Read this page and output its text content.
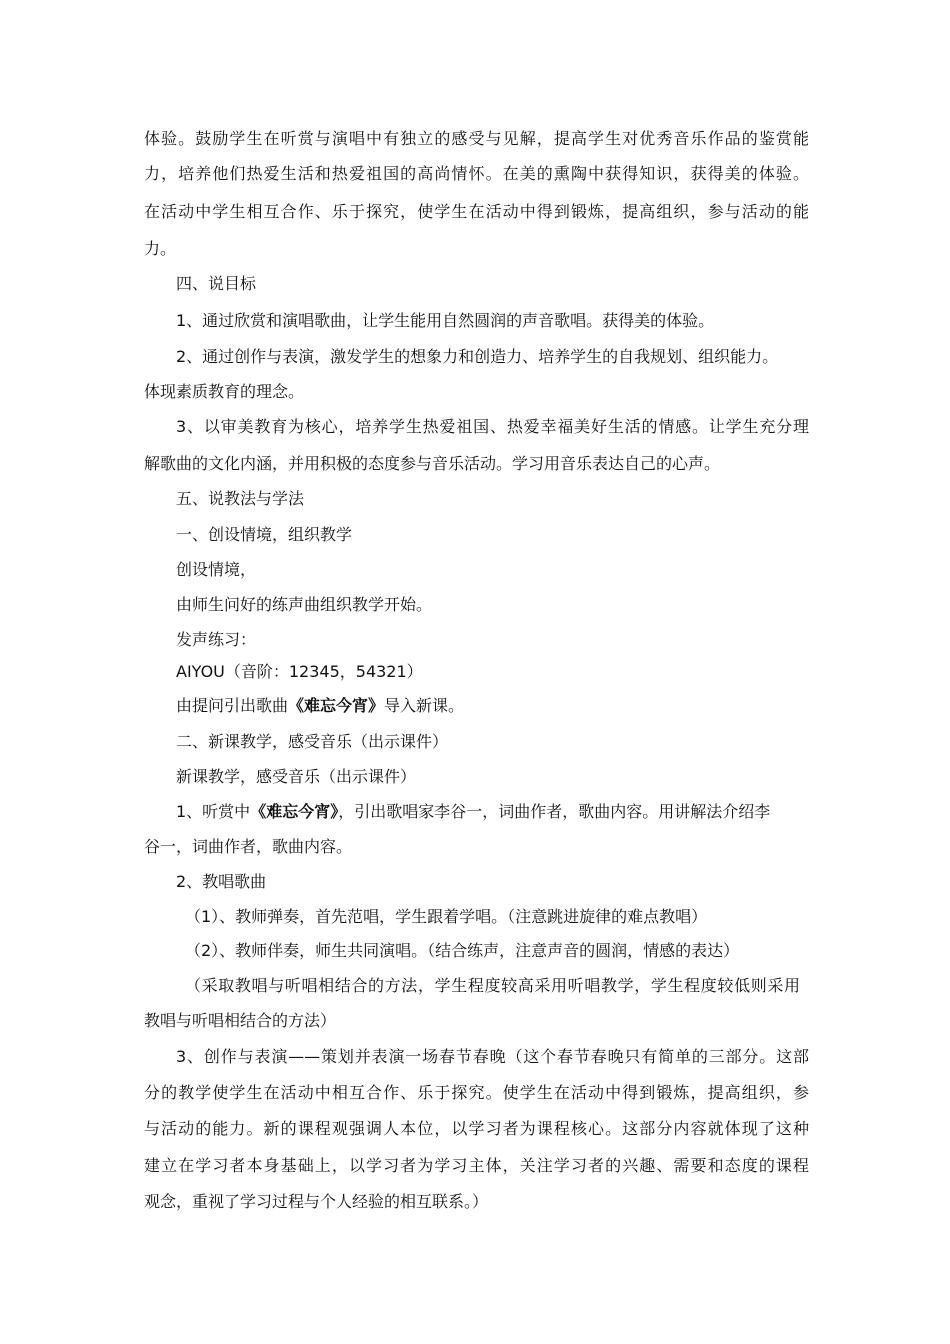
体验。鼓励学生在听赏与演唱中有独立的感受与见解，提高学生对优秀音乐作品的鉴赏能
力，培养他们热爱生活和热爱祖国的高尚情怀。在美的熏陶中获得知识，获得美的体验。
在活动中学生相互合作、乐于探究，使学生在活动中得到锻炼，提高组织，参与活动的能
力。
四、说目标
1、通过欣赏和演唱歌曲，让学生能用自然圆润的声音歌唱。获得美的体验。
2、通过创作与表演，激发学生的想象力和创造力、培养学生的自我规划、组织能力。
体现素质教育的理念。
3、以审美教育为核心，培养学生热爱祖国、热爱幸福美好生活的情感。让学生充分理
解歌曲的文化内涵，并用积极的态度参与音乐活动。学习用音乐表达自己的心声。
五、说教法与学法
一、创设情境，组织教学
创设情境，
由师生问好的练声曲组织教学开始。
发声练习：
AIYOU（音阶：12345，54321）
由提问引出歌曲《难忘今宵》导入新课。
二、新课教学，感受音乐（出示课件）
新课教学，感受音乐（出示课件）
1、听赏中《难忘今宵》，引出歌唱家李谷一，词曲作者，歌曲内容。用讲解法介绍李
谷一，词曲作者，歌曲内容。
2、教唱歌曲
（1）、教师弹奏，首先范唱，学生跟着学唱。（注意跳进旋律的难点教唱）
（2）、教师伴奏，师生共同演唱。（结合练声，注意声音的圆润，情感的表达）
（采取教唱与听唱相结合的方法，学生程度较高采用听唱教学，学生程度较低则采用
教唱与听唱相结合的方法）
3、创作与表演——策划并表演一场春节春晚（这个春节春晚只有简单的三部分。这部
分的教学使学生在活动中相互合作、乐于探究。使学生在活动中得到锻炼，提高组织，参
与活动的能力。新的课程观强调人本位，以学习者为课程核心。这部分内容就体现了这种
建立在学习者本身基础上，以学习者为学习主体，关注学习者的兴趣、需要和态度的课程
观念，重视了学习过程与个人经验的相互联系。）
